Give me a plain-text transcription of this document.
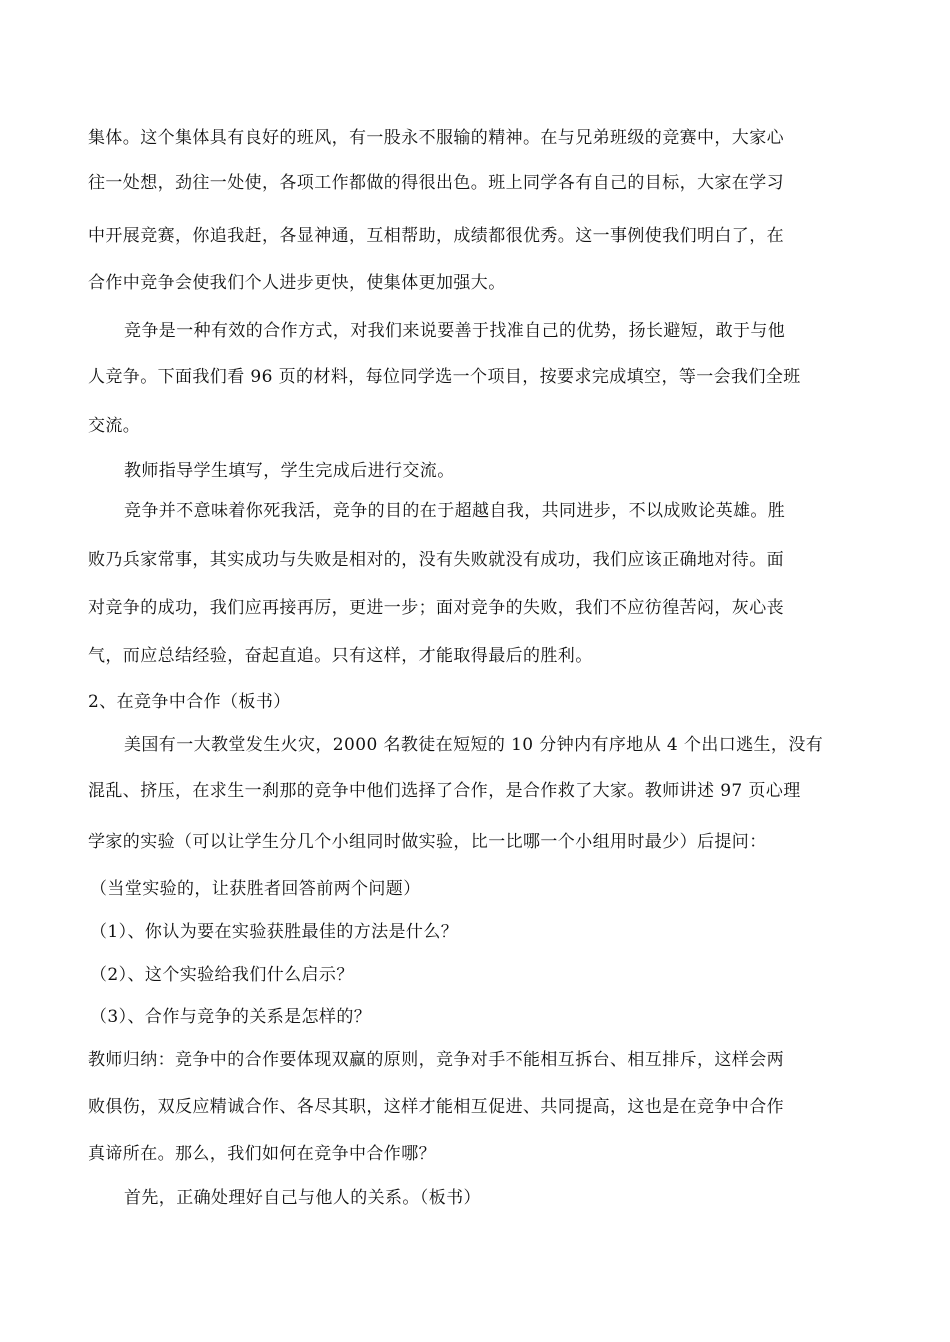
集体。这个集体具有良好的班风，有一股永不服输的精神。在与兄弟班级的竞赛中，大家心
往一处想，劲往一处使，各项工作都做的得很出色。班上同学各有自己的目标，大家在学习
中开展竞赛，你追我赶，各显神通，互相帮助，成绩都很优秀。这一事例使我们明白了，在
合作中竞争会使我们个人进步更快，使集体更加强大。
竞争是一种有效的合作方式，对我们来说要善于找准自己的优势，扬长避短，敢于与他
人竞争。下面我们看 96 页的材料，每位同学选一个项目，按要求完成填空，等一会我们全班
交流。
教师指导学生填写，学生完成后进行交流。
竞争并不意味着你死我活，竞争的目的在于超越自我，共同进步，不以成败论英雄。胜
败乃兵家常事，其实成功与失败是相对的，没有失败就没有成功，我们应该正确地对待。面
对竞争的成功，我们应再接再厉，更进一步；面对竞争的失败，我们不应彷徨苦闷，灰心丧
气，而应总结经验，奋起直追。只有这样，才能取得最后的胜利。
2、在竞争中合作（板书）
美国有一大教堂发生火灾，2000 名教徒在短短的 10 分钟内有序地从 4 个出口逃生，没有
混乱、挤压，在求生一刹那的竞争中他们选择了合作，是合作救了大家。教师讲述 97 页心理
学家的实验（可以让学生分几个小组同时做实验，比一比哪一个小组用时最少）后提问：
（当堂实验的，让获胜者回答前两个问题）
（1）、你认为要在实验获胜最佳的方法是什么？
（2）、这个实验给我们什么启示？
（3）、合作与竞争的关系是怎样的？
教师归纳：竞争中的合作要体现双赢的原则，竞争对手不能相互拆台、相互排斥，这样会两
败俱伤，双反应精诚合作、各尽其职，这样才能相互促进、共同提高，这也是在竞争中合作
真谛所在。那么，我们如何在竞争中合作哪？
首先，正确处理好自己与他人的关系。（板书）
